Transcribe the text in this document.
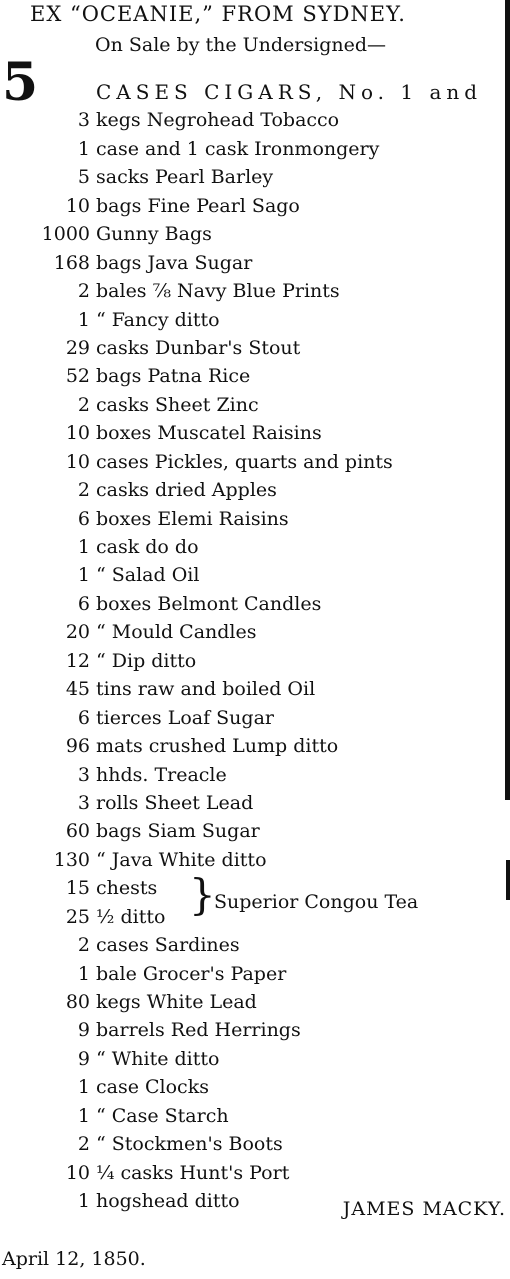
EX “OCEANIE,” FROM SYDNEY.
On Sale by the Undersigned—
5	CASES CIGARS, No. 1 and
3 kegs Negrohead Tobacco
1 case and 1 cask Ironmongery
5 sacks Pearl Barley
10 bags Fine Pearl Sago
1000 Gunny Bags
168 bags Java Sugar
2 bales ⅞ Navy Blue Prints
1 “ Fancy ditto
29 casks Dunbar's Stout
52 bags Patna Rice
2 casks Sheet Zinc
10 boxes Muscatel Raisins
10 cases Pickles, quarts and pints
2 casks dried Apples
6 boxes Elemi Raisins
1 cask do do
1 “ Salad Oil
6 boxes Belmont Candles
20 “ Mould Candles
12 “ Dip ditto
45 tins raw and boiled Oil
6 tierces Loaf Sugar
96 mats crushed Lump ditto
3 hhds. Treacle
3 rolls Sheet Lead
60 bags Siam Sugar
130 “ Java White ditto
15 chests }
Superior Congou Tea
25 ½ ditto
2 cases Sardines
1 bale Grocer's Paper
80 kegs White Lead
9 barrels Red Herrings
9 “ White ditto
1 case Clocks
1 “ Case Starch
2 “ Stockmen's Boots
10 ¼ casks Hunt's Port
1 hogshead ditto	JAMES MACKY.
April 12, 1850.
